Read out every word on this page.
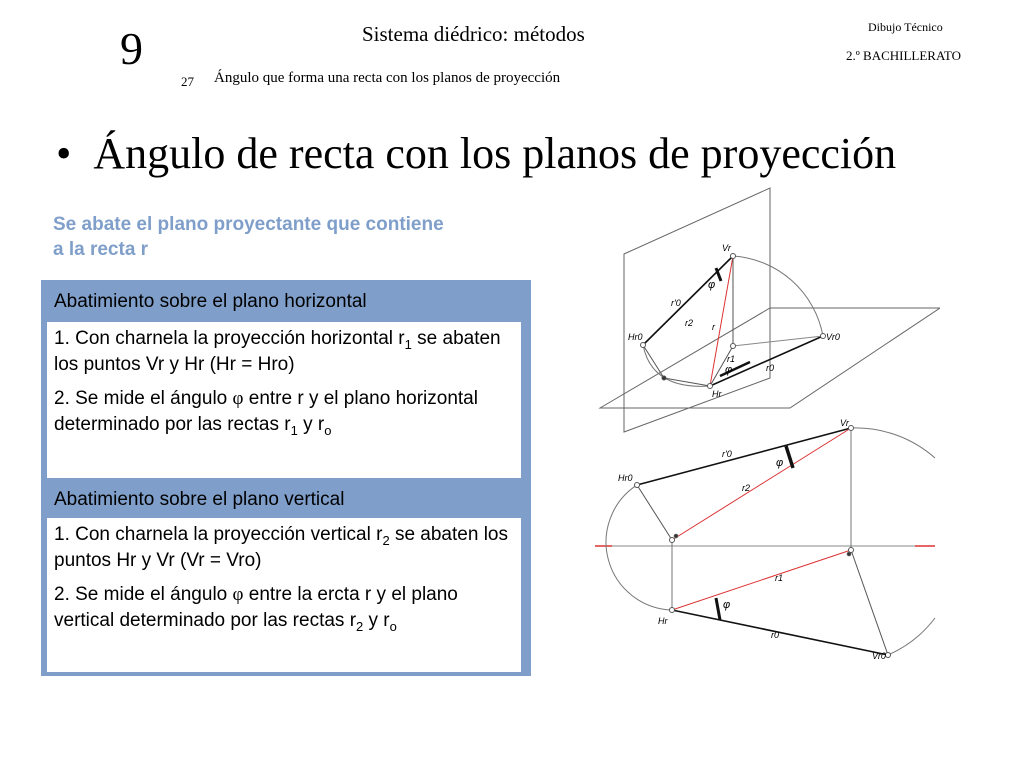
9	Sistema diédrico: métodos	Dibujo Técnico
2.º BACHILLERATO
27 Ángulo que forma una recta con los planos de proyección
• Ángulo de recta con los planos de proyección
Se abate el plano proyectante que contiene a la recta r
Abatimiento sobre el plano horizontal
1. Con charnela la proyección horizontal $r_1$ se abaten los puntos Vr y Hr (Hr = Hro)
2. Se mide el ángulo φ entre r y el plano horizontal determinado por las rectas $r_1$ y $r_o$
Abatimiento sobre el plano vertical
1. Con charnela la proyección vertical $r_2$ se abaten los puntos Hr y Vr (Vr = Vro)
2. Se mide el ángulo φ entre la ercta r y el plano vertical determinado por las rectas $r_2$ y $r_o$
Vr
φ
r'0
r2 r
Hr0	Vr0
r1
φ	r0
Hr
Vr
r'0
φ
Hr0
r2
r1
φ
Hr
r0
Vr0
